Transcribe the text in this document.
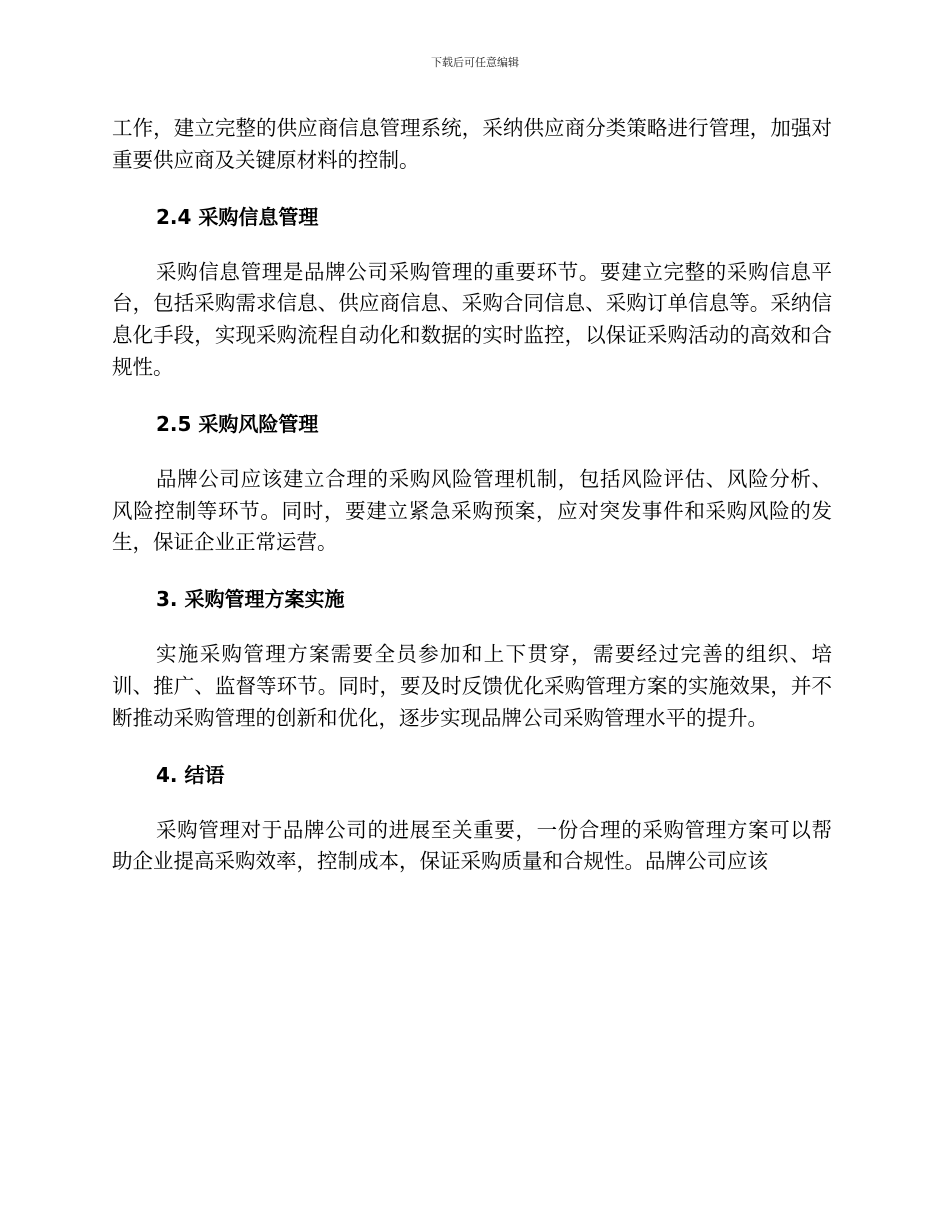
下载后可任意编辑

工作，建立完整的供应商信息管理系统，采纳供应商分类策略进行管理，加强对重要供应商及关键原材料的控制。

2.4 采购信息管理

采购信息管理是品牌公司采购管理的重要环节。要建立完整的采购信息平台，包括采购需求信息、供应商信息、采购合同信息、采购订单信息等。采纳信息化手段，实现采购流程自动化和数据的实时监控，以保证采购活动的高效和合规性。

2.5 采购风险管理

品牌公司应该建立合理的采购风险管理机制，包括风险评估、风险分析、风险控制等环节。同时，要建立紧急采购预案，应对突发事件和采购风险的发生，保证企业正常运营。

3. 采购管理方案实施

实施采购管理方案需要全员参加和上下贯穿，需要经过完善的组织、培训、推广、监督等环节。同时，要及时反馈优化采购管理方案的实施效果，并不断推动采购管理的创新和优化，逐步实现品牌公司采购管理水平的提升。

4. 结语

采购管理对于品牌公司的进展至关重要，一份合理的采购管理方案可以帮助企业提高采购效率，控制成本，保证采购质量和合规性。品牌公司应该
